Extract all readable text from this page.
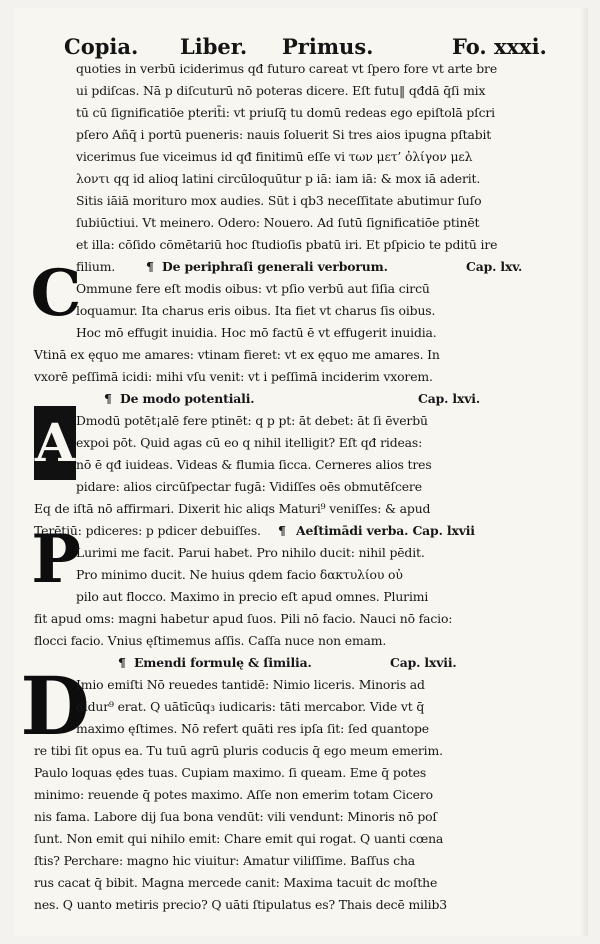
Copia. Liber. Primus.	Fo. xxxi.
quoties in verbū iciderimus qđ futuro careat vt ſpero fore vt arte bre
ui pdiſcas. Nā p diſcuturū nō poteras dicere. Eſt futu‖ qđdā q̄ſi mix
tū cū ſignificatiōe pterit̄i: vt priuſq̄ tu domū redeas ego epiſtolā pſcri
pſero Añq̄ i portū pueneris: nauis ſoluerit Si tres aios ipugna pſtabit
vicerimus ſue viceimus id qđ finitimū eſſe vi των μετ’ ὀλίγον μελ
λοντι qq id alioq latini circūloquūtur p iā: iam iā: & mox iā aderit.
Sitis iāiā morituro mox audies. Sūt i qb3 neceſſitate abutimur ſuſo
ſubiūctiui. Vt meinero. Odero: Nouero. Ad ſutū ſignificatiōe ptinēt
et illa: cōſido cōmētariū hoc ſtudioſis pbatū iri. Et pſpicio te pditū ire
filium.	¶ De periphraſi generali verborum.	Cap. lxv.
C
Ommune fere eſt modis oibus: vt pſio verbū aut ſiſia circū
loquamur. Ita charus eris oibus. Ita fiet vt charus ſis oibus.
Hoc mō effugit inuidia. Hoc mō factū ē vt effugerit inuidia.
Vtinā ex ęquo me amares: vtinam fieret: vt ex ęquo me amares. In
vxorē peſſimā icidi: mihi vſu venit: vt i peſſimā inciderim vxorem.
¶ De modo potentiali.	Cap. lxvi.
A Dmodū potēt¡alē fere ptinēt: q p pt: āt debet: āt ſi ēverbū
expoi pōt. Quid agas cū eo q nihil itelligit? Eſt qđ rideas:
nō ē qđ iuideas. Videas & flumia ſicca. Cerneres alios tres
pidare: alios circūſpectar fugā: Vidiſſes oēs obmutēſcere
Eq de iſtā nō affirmari. Dixerit hic aliqs Maturi⁹ veniſſes: & apud
Terētiū: pdiceres: p pdicer debuiſſes.	¶ Aeſtimādi verba. Cap. lxvii
P
Lurimi me facit. Parui habet. Pro nihilo ducit: nihil pēdit.
Pro minimo ducit. Ne huius qdem facio δακτυλίου οὐ
pilo aut flocco. Maximo in precio eſt apud omnes. Plurimi
fit apud oms: magni habetur apud ſuos. Pili nō facio. Nauci nō facio:
flocci facio. Vnius ęſtimemus aſſis. Caſſa nuce non emam.
¶ Emendi formulę & ſimilia.	Cap. lxvii.
D
Imio emiſti Nō reuedes tantidē: Nimio liceris. Minoris ad
didur⁹ erat. Q uātīcūq₃ iudicaris: tāti mercabor. Vide vt q̄
maximo ęſtimes. Nō refert quāti res ipſa ſit: ſed quantope
re tibi ſit opus ea. Tu tuū agrū pluris coducis q̄ ego meum emerim.
Paulo loquas ędes tuas. Cupiam maximo. ſi queam. Eme q̄ potes
minimo: reuende q̄ potes maximo. Aſſe non emerim totam Cicero
nis fama. Labore dij ſua bona vendūt: vili vendunt: Minoris nō poſ
ſunt. Non emit qui nihilo emit: Chare emit qui rogat. Q uanti cœna
ſtis? Perchare: magno hic viuitur: Amatur viliſſime. Baſſus cha
rus cacat q̄ bibit. Magna mercede canit: Maxima tacuit dc moſthe
nes. Q uanto metiris precio? Q uāti ſtipulatus es? Thais decē milib3
